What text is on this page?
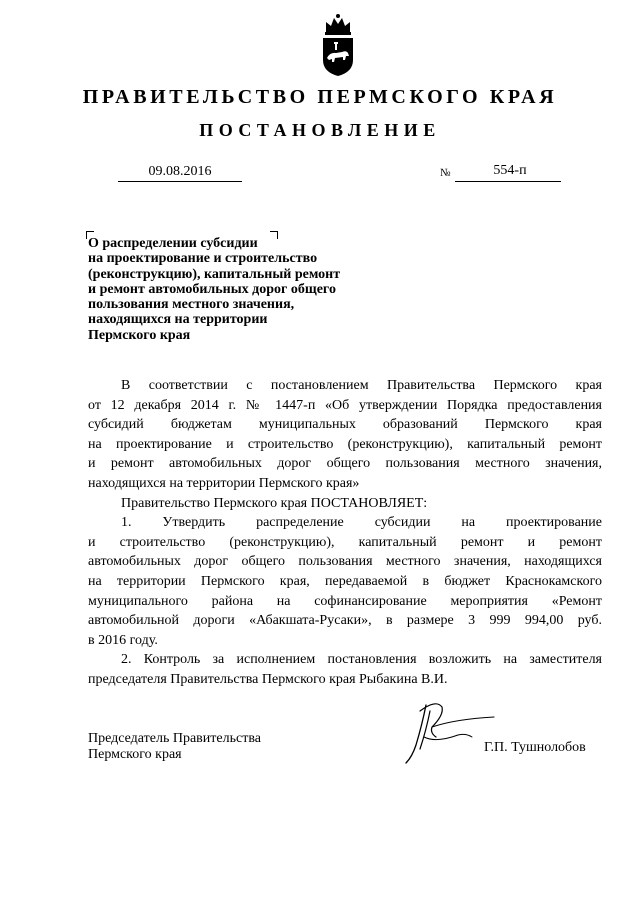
ПРАВИТЕЛЬСТВО ПЕРМСКОГО КРАЯ
ПОСТАНОВЛЕНИЕ
09.08.2016	№	554-п
О распределении субсидии
на проектирование и строительство
(реконструкцию), капитальный ремонт
и ремонт автомобильных дорог общего
пользования местного значения,
находящихся на территории
Пермского края
В соответствии с постановлением Правительства Пермского края
от 12 декабря 2014 г. № 1447-п «Об утверждении Порядка предоставления
субсидий бюджетам муниципальных образований Пермского края
на проектирование и строительство (реконструкцию), капитальный ремонт
и ремонт автомобильных дорог общего пользования местного значения,
находящихся на территории Пермского края»
Правительство Пермского края ПОСТАНОВЛЯЕТ:
1. Утвердить распределение субсидии на проектирование
и строительство (реконструкцию), капитальный ремонт и ремонт
автомобильных дорог общего пользования местного значения, находящихся
на территории Пермского края, передаваемой в бюджет Краснокамского
муниципального района на софинансирование мероприятия «Ремонт
автомобильной дороги «Абакшата-Русаки», в размере 3 999 994,00 руб.
в 2016 году.
2. Контроль за исполнением постановления возложить на заместителя
председателя Правительства Пермского края Рыбакина В.И.
Председатель Правительства
Пермского края	Г.П. Тушнолобов
